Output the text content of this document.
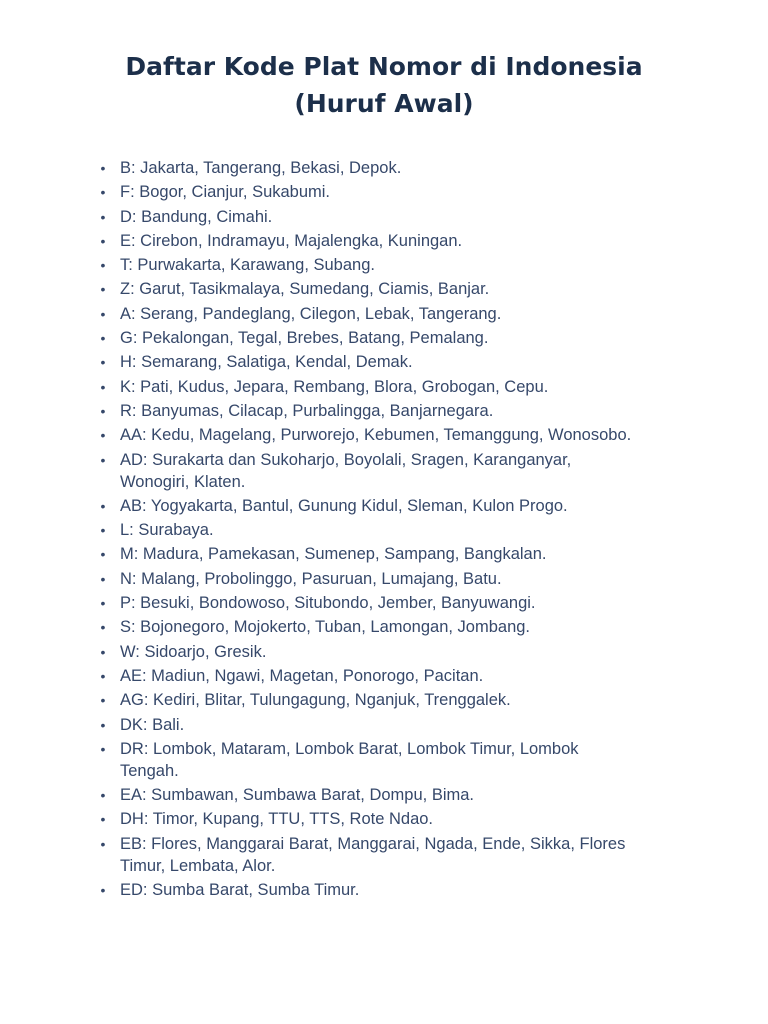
Daftar Kode Plat Nomor di Indonesia
(Huruf Awal)
• B: Jakarta, Tangerang, Bekasi, Depok.
• F: Bogor, Cianjur, Sukabumi.
• D: Bandung, Cimahi.
• E: Cirebon, Indramayu, Majalengka, Kuningan.
• T: Purwakarta, Karawang, Subang.
• Z: Garut, Tasikmalaya, Sumedang, Ciamis, Banjar.
• A: Serang, Pandeglang, Cilegon, Lebak, Tangerang.
• G: Pekalongan, Tegal, Brebes, Batang, Pemalang.
• H: Semarang, Salatiga, Kendal, Demak.
• K: Pati, Kudus, Jepara, Rembang, Blora, Grobogan, Cepu.
• R: Banyumas, Cilacap, Purbalingga, Banjarnegara.
• AA: Kedu, Magelang, Purworejo, Kebumen, Temanggung, Wonosobo.
• AD: Surakarta dan Sukoharjo, Boyolali, Sragen, Karanganyar, Wonogiri, Klaten.
• AB: Yogyakarta, Bantul, Gunung Kidul, Sleman, Kulon Progo.
• L: Surabaya.
• M: Madura, Pamekasan, Sumenep, Sampang, Bangkalan.
• N: Malang, Probolinggo, Pasuruan, Lumajang, Batu.
• P: Besuki, Bondowoso, Situbondo, Jember, Banyuwangi.
• S: Bojonegoro, Mojokerto, Tuban, Lamongan, Jombang.
• W: Sidoarjo, Gresik.
• AE: Madiun, Ngawi, Magetan, Ponorogo, Pacitan.
• AG: Kediri, Blitar, Tulungagung, Nganjuk, Trenggalek.
• DK: Bali.
• DR: Lombok, Mataram, Lombok Barat, Lombok Timur, Lombok Tengah.
• EA: Sumbawan, Sumbawa Barat, Dompu, Bima.
• DH: Timor, Kupang, TTU, TTS, Rote Ndao.
• EB: Flores, Manggarai Barat, Manggarai, Ngada, Ende, Sikka, Flores Timur, Lembata, Alor.
• ED: Sumba Barat, Sumba Timur.
